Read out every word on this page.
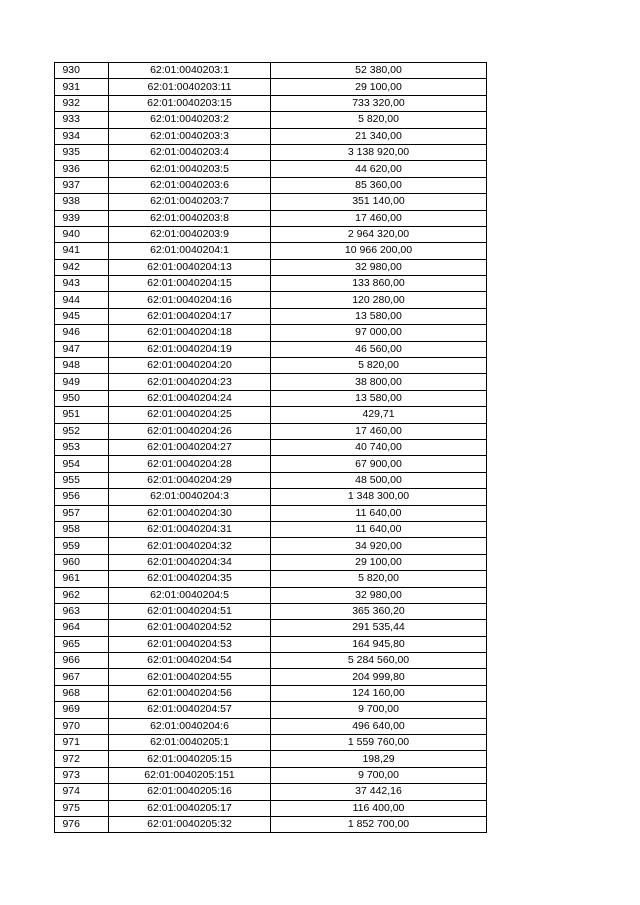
930	62:01:0040203:1	52 380,00
931	62:01:0040203:11	29 100,00
932	62:01:0040203:15	733 320,00
933	62:01:0040203:2	5 820,00
934	62:01:0040203:3	21 340,00
935	62:01:0040203:4	3 138 920,00
936	62:01:0040203:5	44 620,00
937	62:01:0040203:6	85 360,00
938	62:01:0040203:7	351 140,00
939	62:01:0040203:8	17 460,00
940	62:01:0040203:9	2 964 320,00
941	62:01:0040204:1	10 966 200,00
942	62:01:0040204:13	32 980,00
943	62:01:0040204:15	133 860,00
944	62:01:0040204:16	120 280,00
945	62:01:0040204:17	13 580,00
946	62:01:0040204:18	97 000,00
947	62:01:0040204:19	46 560,00
948	62:01:0040204:20	5 820,00
949	62:01:0040204:23	38 800,00
950	62:01:0040204:24	13 580,00
951	62:01:0040204:25	429,71
952	62:01:0040204:26	17 460,00
953	62:01:0040204:27	40 740,00
954	62:01:0040204:28	67 900,00
955	62:01:0040204:29	48 500,00
956	62:01:0040204:3	1 348 300,00
957	62:01:0040204:30	11 640,00
958	62:01:0040204:31	11 640,00
959	62:01:0040204:32	34 920,00
960	62:01:0040204:34	29 100,00
961	62:01:0040204:35	5 820,00
962	62:01:0040204:5	32 980,00
963	62:01:0040204:51	365 360,20
964	62:01:0040204:52	291 535,44
965	62:01:0040204:53	164 945,80
966	62:01:0040204:54	5 284 560,00
967	62:01:0040204:55	204 999,80
968	62:01:0040204:56	124 160,00
969	62:01:0040204:57	9 700,00
970	62:01:0040204:6	496 640,00
971	62:01:0040205:1	1 559 760,00
972	62:01:0040205:15	198,29
973	62:01:0040205:151	9 700,00
974	62:01:0040205:16	37 442,16
975	62:01:0040205:17	116 400,00
976	62:01:0040205:32	1 852 700,00
